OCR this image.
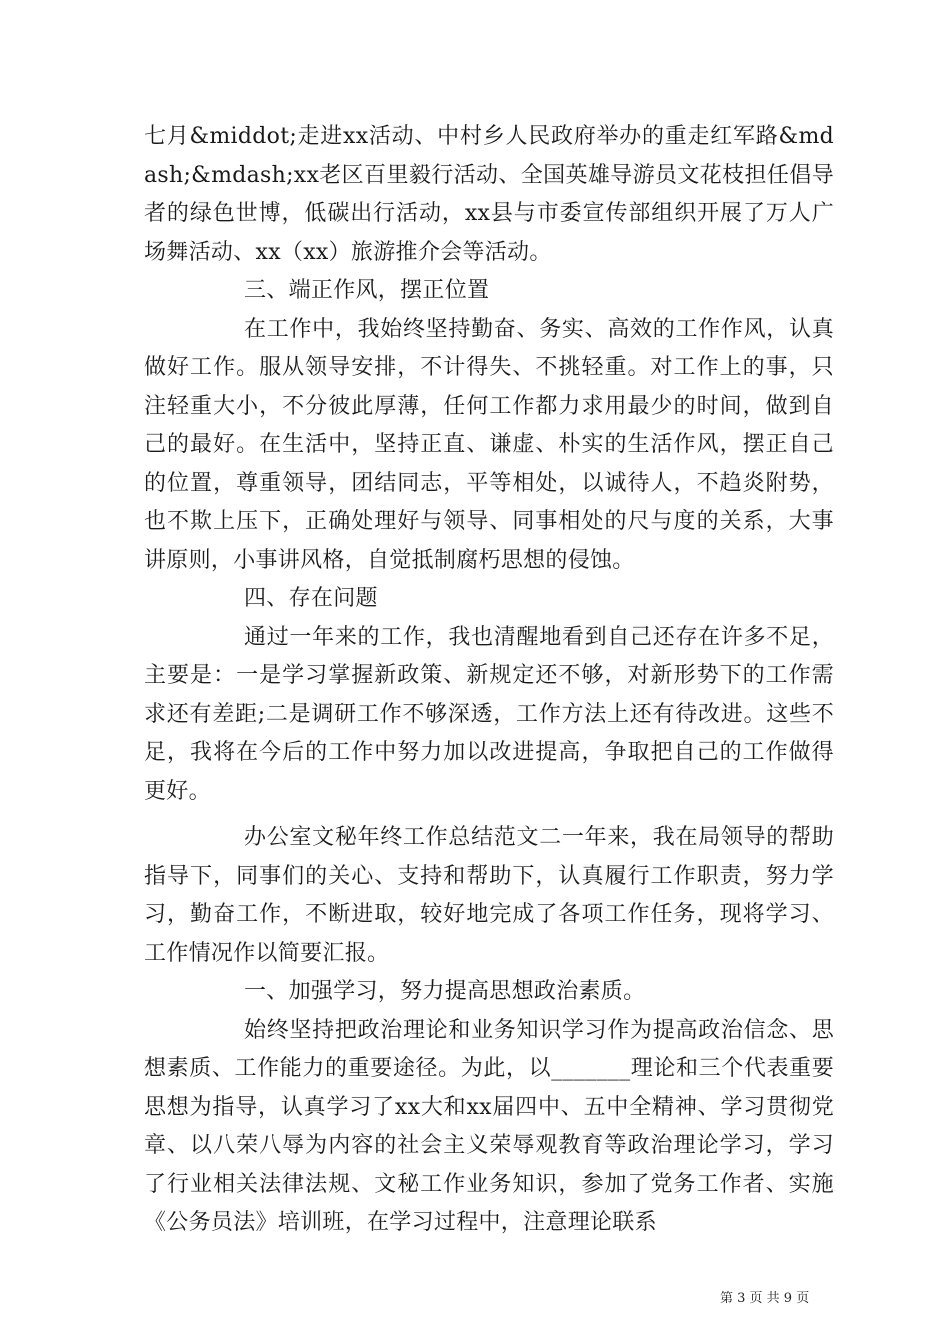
七月&middot;走进xx活动、中村乡人民政府举办的重走红军路&mdash;&mdash;xx老区百里毅行活动、全国英雄导游员文花枝担任倡导者的绿色世博，低碳出行活动，xx县与市委宣传部组织开展了万人广场舞活动、xx（xx）旅游推介会等活动。

三、端正作风，摆正位置

在工作中，我始终坚持勤奋、务实、高效的工作作风，认真做好工作。服从领导安排，不计得失、不挑轻重。对工作上的事，只注轻重大小，不分彼此厚薄，任何工作都力求用最少的时间，做到自己的最好。在生活中，坚持正直、谦虚、朴实的生活作风，摆正自己的位置，尊重领导，团结同志，平等相处，以诚待人，不趋炎附势，也不欺上压下，正确处理好与领导、同事相处的尺与度的关系，大事讲原则，小事讲风格，自觉抵制腐朽思想的侵蚀。

四、存在问题

通过一年来的工作，我也清醒地看到自己还存在许多不足，主要是：一是学习掌握新政策、新规定还不够，对新形势下的工作需求还有差距;二是调研工作不够深透，工作方法上还有待改进。这些不足，我将在今后的工作中努力加以改进提高，争取把自己的工作做得更好。

办公室文秘年终工作总结范文二一年来，我在局领导的帮助指导下，同事们的关心、支持和帮助下，认真履行工作职责，努力学习，勤奋工作，不断进取，较好地完成了各项工作任务，现将学习、工作情况作以简要汇报。

一、加强学习，努力提高思想政治素质。

始终坚持把政治理论和业务知识学习作为提高政治信念、思想素质、工作能力的重要途径。为此，以_______理论和三个代表重要思想为指导，认真学习了xx大和xx届四中、五中全精神、学习贯彻党章、以八荣八辱为内容的社会主义荣辱观教育等政治理论学习，学习了行业相关法律法规、文秘工作业务知识，参加了党务工作者、实施《公务员法》培训班，在学习过程中，注意理论联系

第 3 页 共 9 页
